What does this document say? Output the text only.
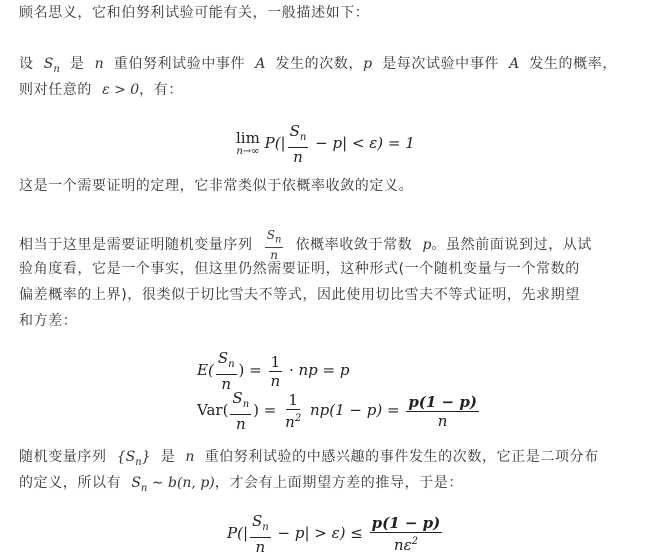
顾名思义，它和伯努利试验可能有关，一般描述如下：
设 $S_n$ 是 n 重伯努利试验中事件 A 发生的次数，p 是每次试验中事件 A 发生的概率，
则对任意的 ε > 0，有：
lim
n→∞ $P(| \frac{S_n}{n} - p| < \varepsilon) = 1$
这是一个需要证明的定理，它非常类似于依概率收敛的定义。
相当于这里是需要证明随机变量序列 $\frac{S_n}{n}$ 依概率收敛于常数 p。虽然前面说到过，从试
验角度看，它是一个事实，但这里仍然需要证明，这种形式(一个随机变量与一个常数的
偏差概率的上界)，很类似于切比雪夫不等式，因此使用切比雪夫不等式证明，先求期望
和方差：
$E( \frac{S_n}{n}$ ) = $\frac{1}{n}$ · np = p
$Var( \frac{S_n}{n}$ ) = $\frac{1}{n^2} np(1 - p) = \frac{p(1 - p)}{n}$
随机变量序列 $\{S_n\}$ 是 n 重伯努利试验的中感兴趣的事件发生的次数，它正是二项分布
的定义，所以有 $S_n$ ∼ b(n, p)，才会有上面期望方差的推导，于是：
$P(| \frac{S_n}{n} - p| > \varepsilon) \le \frac{p(1 - p)}{n\varepsilon^2}$
